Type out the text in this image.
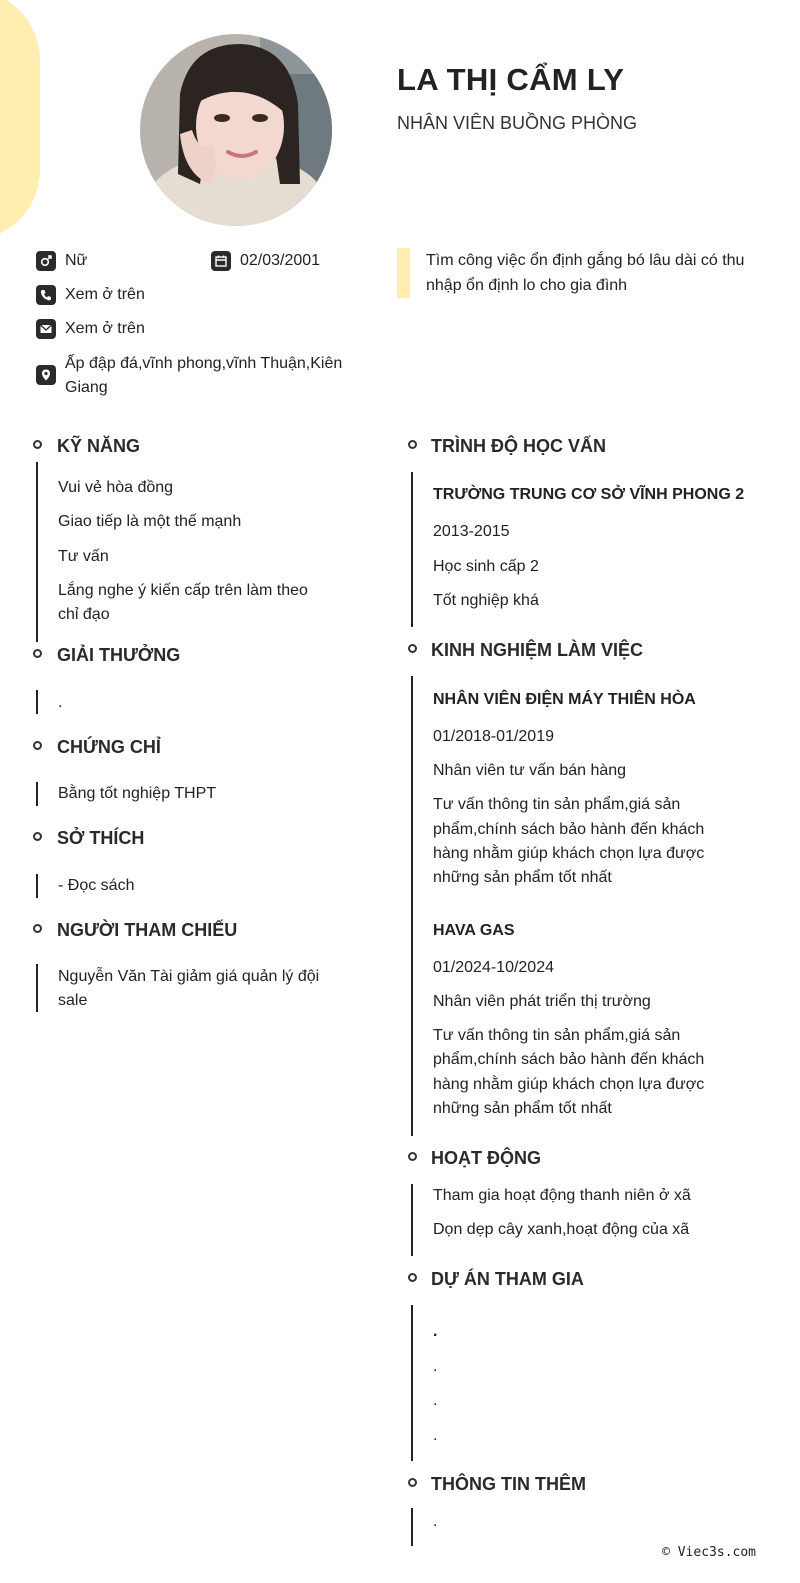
LA THỊ CẨM LY
NHÂN VIÊN BUỒNG PHÒNG
Nữ	02/03/2001
Xem ở trên
Xem ở trên
Ấp đập đá,vĩnh phong,vĩnh Thuận,Kiên
Giang
Tìm công việc ổn định gắng bó lâu dài có thu
nhập ổn định lo cho gia đình
KỸ NĂNG
Vui vẻ hòa đồng
Giao tiếp là một thế mạnh
Tư vấn
Lắng nghe ý kiến cấp trên làm theo
chỉ đạo
GIẢI THƯỞNG
.
CHỨNG CHỈ
Bằng tốt nghiệp THPT
SỞ THÍCH
- Đọc sách
NGƯỜI THAM CHIẾU
Nguyễn Văn Tài giảm giá quản lý đội
sale
TRÌNH ĐỘ HỌC VẤN
TRƯỜNG TRUNG CƠ SỞ VĨNH PHONG 2
2013-2015
Học sinh cấp 2
Tốt nghiệp khá
KINH NGHIỆM LÀM VIỆC
NHÂN VIÊN ĐIỆN MÁY THIÊN HÒA
01/2018-01/2019
Nhân viên tư vấn bán hàng
Tư vấn thông tin sản phẩm,giá sản
phẩm,chính sách bảo hành đến khách
hàng nhằm giúp khách chọn lựa được
những sản phẩm tốt nhất
HAVA GAS
01/2024-10/2024
Nhân viên phát triển thị trường
Tư vấn thông tin sản phẩm,giá sản
phẩm,chính sách bảo hành đến khách
hàng nhằm giúp khách chọn lựa được
những sản phẩm tốt nhất
HOẠT ĐỘNG
Tham gia hoạt động thanh niên ở xã
Dọn dẹp cây xanh,hoạt động của xã
DỰ ÁN THAM GIA
.
.
.
.
THÔNG TIN THÊM
.
© Viec3s.com
